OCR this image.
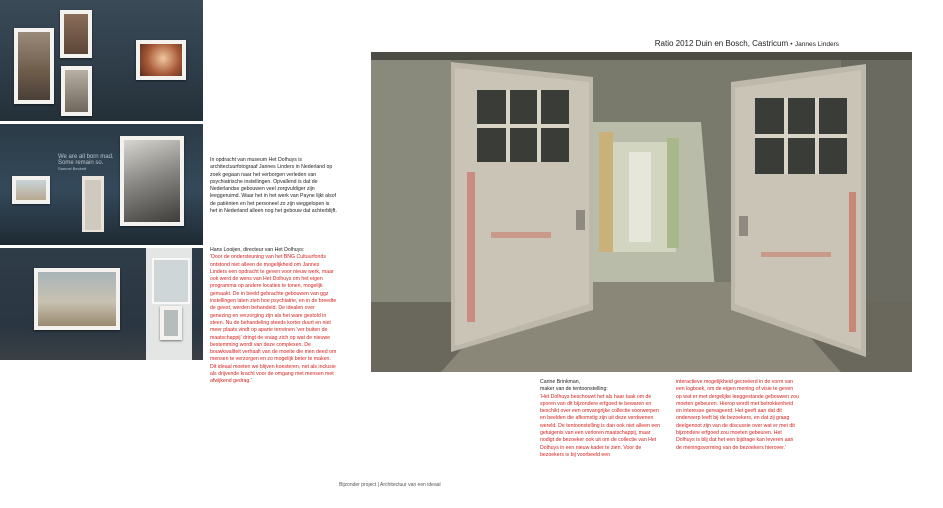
We are all born mad.
Some remain so.
Samuel Beckett

In opdracht van museum Het Dolhuys is architectuurfotograaf Jannes Linders in Nederland op zoek gegaan naar het verborgen verleden van psychiatrische instellingen. Opvallend is dat de Nederlandse gebouwen veel zorgvuldiger zijn leeggeruimd. Waar het in het werk van Payne lijkt alsof de patiënten en het personeel zo zijn weggelopen is het in Nederland alleen nog het gebouw dat achterblijft.

Hans Looijen, directeur van Het Dolhuys:
‘Door de ondersteuning van het BNG Cultuurfonds ontstond niet alleen de mogelijkheid om Jannes Linders een opdracht te geven voor nieuw werk, maar ook werd de wens van Het Dolhuys om het eigen programma op andere locaties te tonen, mogelijk gemaakt. De in beeld gebrachte gebouwen van ggz instellingen laten zien hoe psychiatrie, en in de breedte de geest, werden behandeld. De idealen over genezing en verzorging zijn als het ware gestold in steen. Nu de behandeling steeds korter duurt en niet meer plaats vindt op aparte terreinen ‘ver buiten de maatschappij’ dringt de vraag zich op wat de nieuwe bestemming wordt van deze complexen. De bouwkwaliteit verhaalt van de moeite die men deed om mensen te verzorgen en zo mogelijk beter te maken. Dit ideaal moeten we blijven koesteren, net als inclusie als drijvende kracht voor de omgang met mensen met afwijkend gedrag.’
Ratio 2012 Duin en Bosch, Castricum • Jannes Linders
Carine Brinkman,
maker van de tentoonstelling:
‘Het Dolhuys beschouwt het als haar taak om de sporen van dit bijzondere erfgoed te bewaren en beschikt over een omvangrijke collectie voorwerpen en beelden die afkomstig zijn uit deze verdwenen wereld. De tentoonstelling is dan ook niet alleen een getuigenis van een verloren maatschappij, maar nodigt de bezoeker ook uit om de collectie van Het Dolhuys in een nieuw kader te zien. Voor de bezoekers is bij voorbeeld een
interactieve mogelijkheid gecreëerd in de vorm van een logboek, om de eigen mening of visie te geven op wat er met dergelijke leeggestande gebouwen zou moeten gebeuren. Hierop wordt met betrokkenheid en interesse gereageerd. Het geeft aan dat dit onderwerp leeft bij de bezoekers, en dat zij graag deelgenoot zijn van de discussie over wat er met dit bijzondere erfgoed zou moeten gebeuren. Het Dolhuys is blij dat het een bijdrage kan leveren aan de meningsvorming van de bezoekers hierover.’
Bijzonder project | Architectuur van een ideaal
